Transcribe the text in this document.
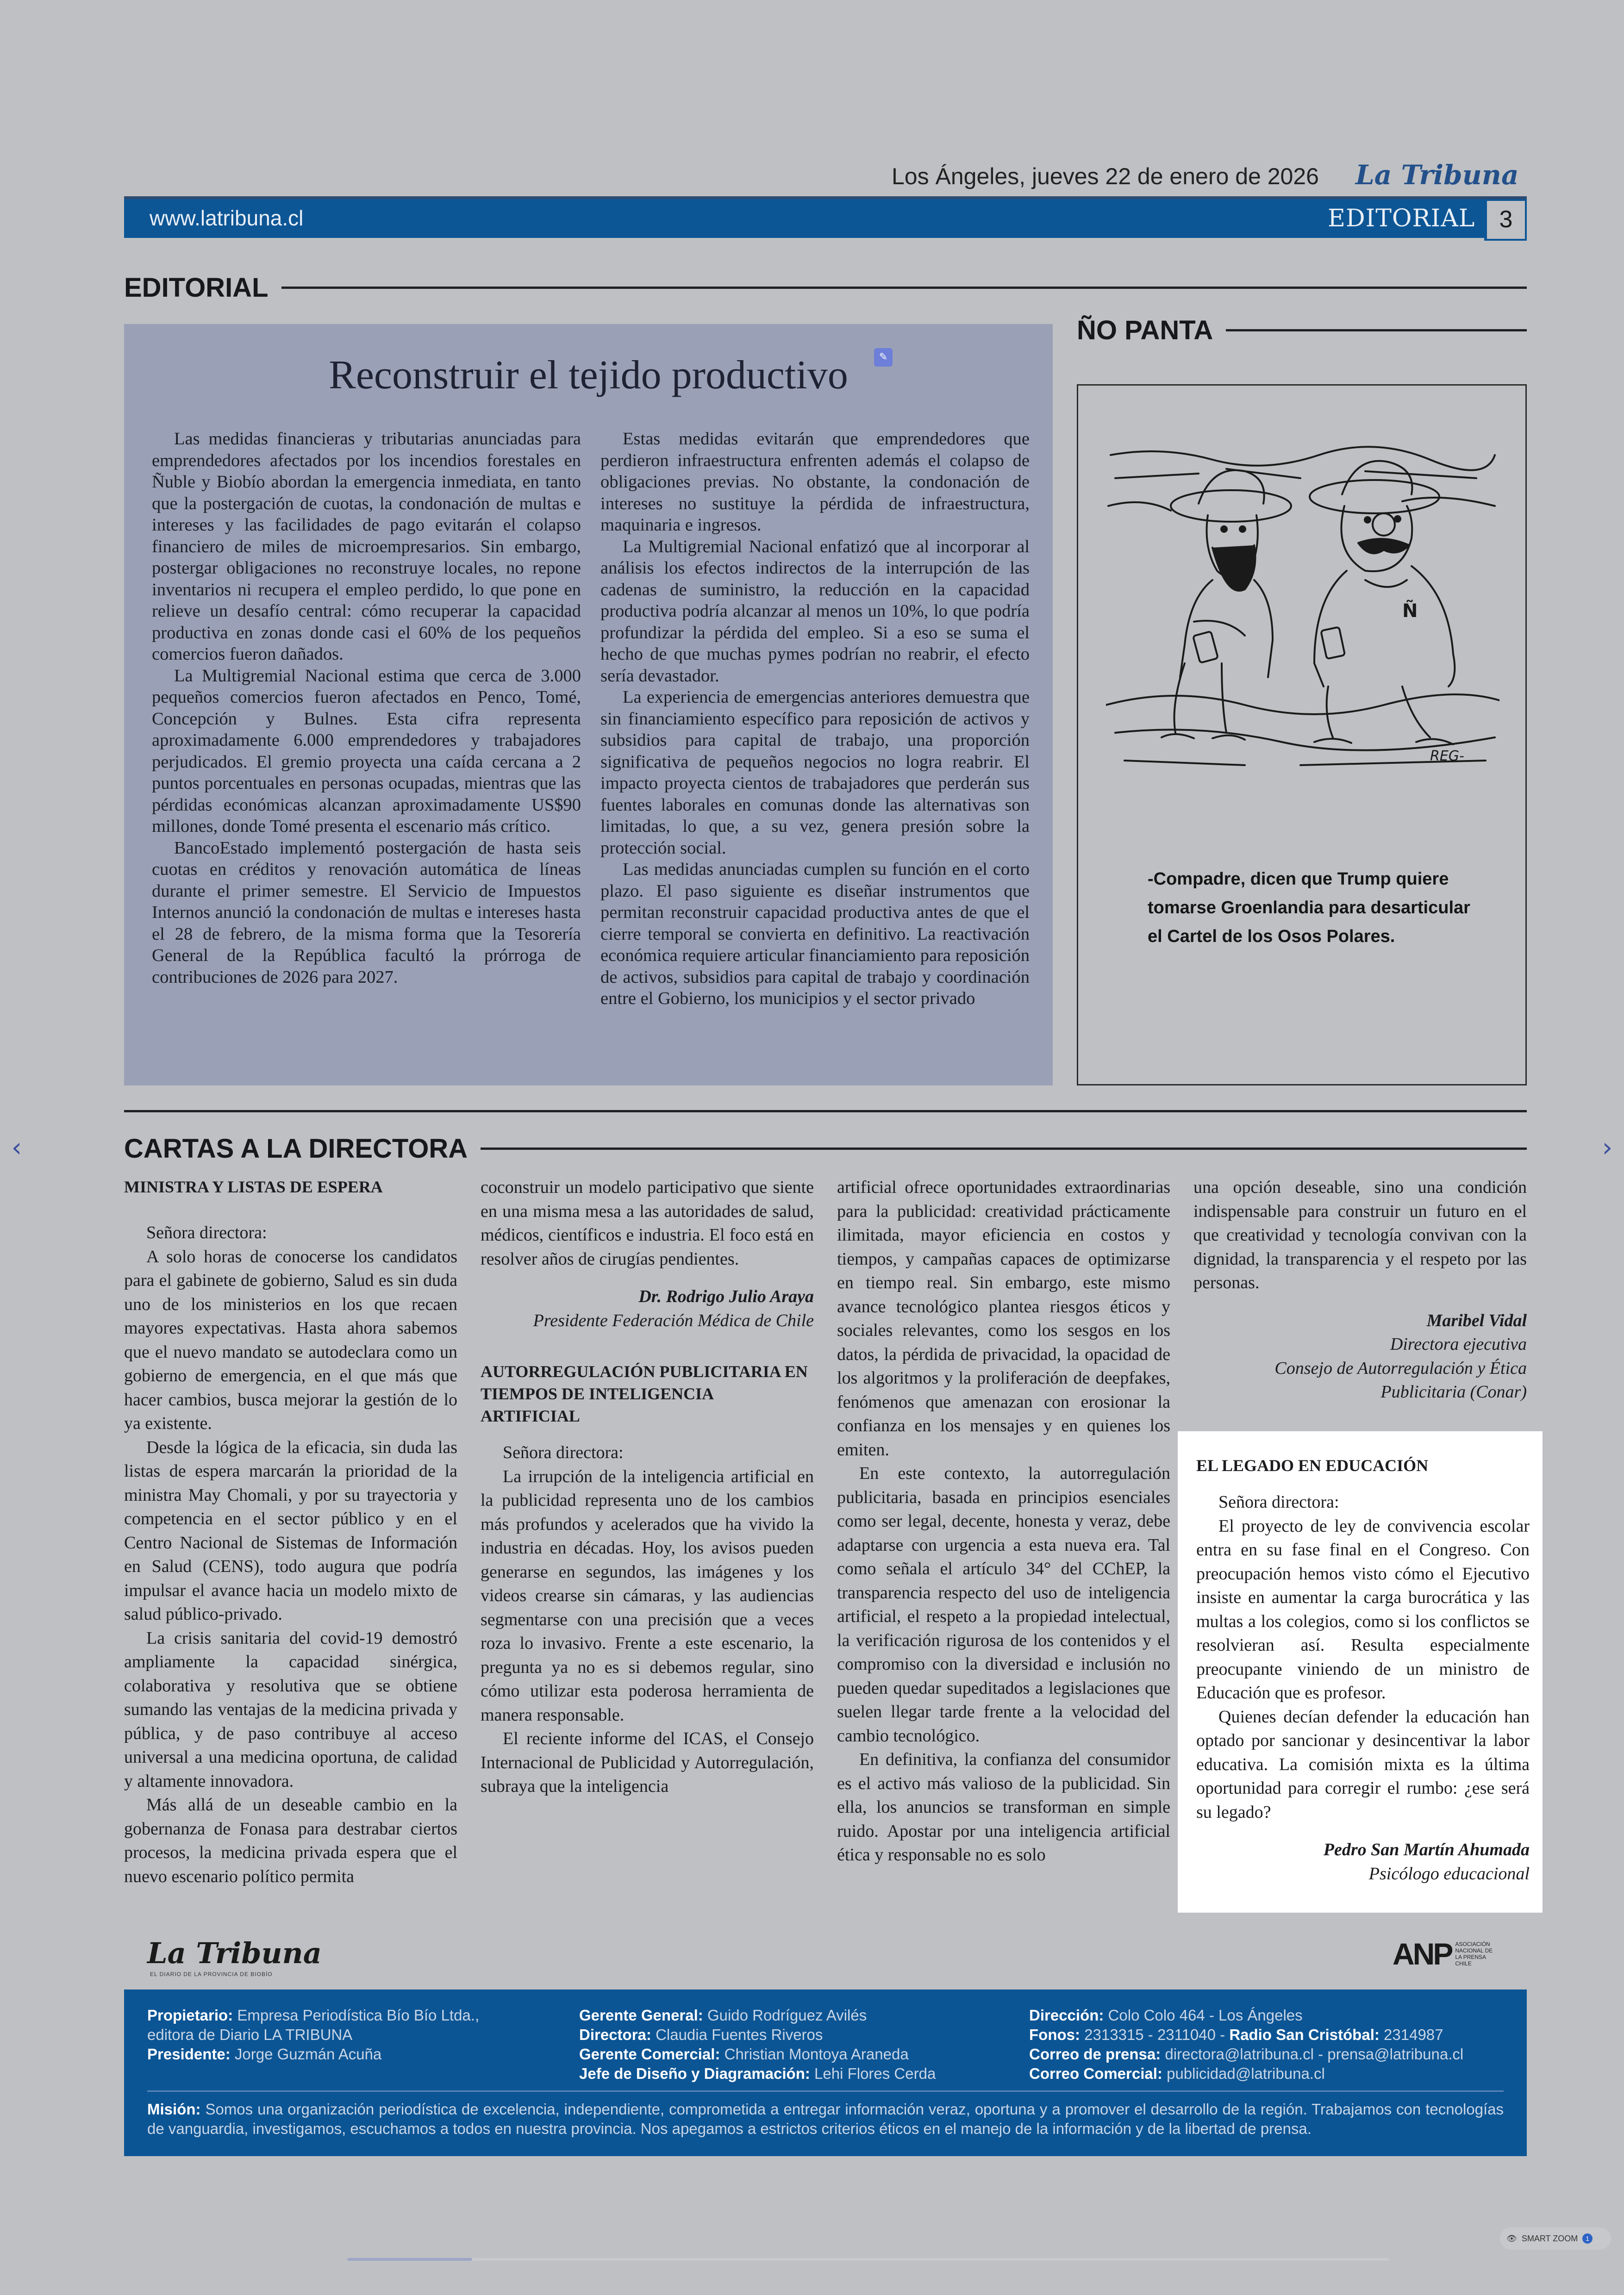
‹	›
Los Ángeles, jueves 22 de enero de 2026 La Tribuna
www.latribuna.cl	EDITORIAL	3
EDITORIAL
Reconstruir el tejido productivo	✎

Las medidas financieras y tributarias anunciadas para emprendedores afectados por los incendios forestales en Ñuble y Biobío abordan la emergencia inmediata, en tanto que la postergación de cuotas, la condonación de multas e intereses y las facilidades de pago evitarán el colapso financiero de miles de microempresarios. Sin embargo, postergar obligaciones no reconstruye locales, no repone inventarios ni recupera el empleo perdido, lo que pone en relieve un desafío central: cómo recuperar la capacidad productiva en zonas donde casi el 60% de los pequeños comercios fueron dañados.

La Multigremial Nacional estima que cerca de 3.000 pequeños comercios fueron afectados en Penco, Tomé, Concepción y Bulnes. Esta cifra representa aproximadamente 6.000 emprendedores y trabajadores perjudicados. El gremio proyecta una caída cercana a 2 puntos porcentuales en personas ocupadas, mientras que las pérdidas económicas alcanzan aproximadamente US$90 millones, donde Tomé presenta el escenario más crítico.

BancoEstado implementó postergación de hasta seis cuotas en créditos y renovación automática de líneas durante el primer semestre. El Servicio de Impuestos Internos anunció la condonación de multas e intereses hasta el 28 de febrero, de la misma forma que la Tesorería General de la República facultó la prórroga de contribuciones de 2026 para 2027.

Estas medidas evitarán que emprendedores que perdieron infraestructura enfrenten además el colapso de obligaciones previas. No obstante, la condonación de intereses no sustituye la pérdida de infraestructura, maquinaria e ingresos.

La Multigremial Nacional enfatizó que al incorporar al análisis los efectos indirectos de la interrupción de las cadenas de suministro, la reducción en la capacidad productiva podría alcanzar al menos un 10%, lo que podría profundizar la pérdida del empleo. Si a eso se suma el hecho de que muchas pymes podrían no reabrir, el efecto sería devastador.

La experiencia de emergencias anteriores demuestra que sin financiamiento específico para reposición de activos y subsidios para capital de trabajo, una proporción significativa de pequeños negocios no logra reabrir. El impacto proyecta cientos de trabajadores que perderán sus fuentes laborales en comunas donde las alternativas son limitadas, lo que, a su vez, genera presión sobre la protección social.

Las medidas anunciadas cumplen su función en el corto plazo. El paso siguiente es diseñar instrumentos que permitan reconstruir capacidad productiva antes de que el cierre temporal se convierta en definitivo. La reactivación económica requiere articular financiamiento para reposición de activos, subsidios para capital de trabajo y coordinación entre el Gobierno, los municipios y el sector privado

ÑO PANTA
Ñ
REG-
-Compadre, dicen que Trump quiere tomarse Groenlandia para desarticular el Cartel de los Osos Polares.
CARTAS A LA DIRECTORA

MINISTRA Y LISTAS DE ESPERA

Señora directora:

A solo horas de conocerse los candidatos para el gabinete de gobierno, Salud es sin duda uno de los ministerios en los que recaen mayores expectativas. Hasta ahora sabemos que el nuevo mandato se autodeclara como un gobierno de emergencia, en el que más que hacer cambios, busca mejorar la gestión de lo ya existente.

Desde la lógica de la eficacia, sin duda las listas de espera marcarán la prioridad de la ministra May Chomali, y por su trayectoria y competencia en el sector público y en el Centro Nacional de Sistemas de Información en Salud (CENS), todo augura que podría impulsar el avance hacia un modelo mixto de salud público-privado.

La crisis sanitaria del covid-19 demostró ampliamente la capacidad sinérgica, colaborativa y resolutiva que se obtiene sumando las ventajas de la medicina privada y pública, y de paso contribuye al acceso universal a una medicina oportuna, de calidad y altamente innovadora.

Más allá de un deseable cambio en la gobernanza de Fonasa para destrabar ciertos procesos, la medicina privada espera que el nuevo escenario político permita

coconstruir un modelo participativo que siente en una misma mesa a las autoridades de salud, médicos, científicos e industria. El foco está en resolver años de cirugías pendientes.

Dr. Rodrigo Julio Araya

Presidente Federación Médica de Chile

AUTORREGULACIÓN PUBLICITARIA EN TIEMPOS DE INTELIGENCIA ARTIFICIAL

Señora directora:

La irrupción de la inteligencia artificial en la publicidad representa uno de los cambios más profundos y acelerados que ha vivido la industria en décadas. Hoy, los avisos pueden generarse en segundos, las imágenes y los videos crearse sin cámaras, y las audiencias segmentarse con una precisión que a veces roza lo invasivo. Frente a este escenario, la pregunta ya no es si debemos regular, sino cómo utilizar esta poderosa herramienta de manera responsable.

El reciente informe del ICAS, el Consejo Internacional de Publicidad y Autorregulación, subraya que la inteligencia

artificial ofrece oportunidades extraordinarias para la publicidad: creatividad prácticamente ilimitada, mayor eficiencia en costos y tiempos, y campañas capaces de optimizarse en tiempo real. Sin embargo, este mismo avance tecnológico plantea riesgos éticos y sociales relevantes, como los sesgos en los datos, la pérdida de privacidad, la opacidad de los algoritmos y la proliferación de deepfakes, fenómenos que amenazan con erosionar la confianza en los mensajes y en quienes los emiten.

En este contexto, la autorregulación publicitaria, basada en principios esenciales como ser legal, decente, honesta y veraz, debe adaptarse con urgencia a esta nueva era. Tal como señala el artículo 34° del CChEP, la transparencia respecto del uso de inteligencia artificial, el respeto a la propiedad intelectual, la verificación rigurosa de los contenidos y el compromiso con la diversidad e inclusión no pueden quedar supeditados a legislaciones que suelen llegar tarde frente a la velocidad del cambio tecnológico.

En definitiva, la confianza del consumidor es el activo más valioso de la publicidad. Sin ella, los anuncios se transforman en simple ruido. Apostar por una inteligencia artificial ética y responsable no es solo

una opción deseable, sino una condición indispensable para construir un futuro en el que creatividad y tecnología convivan con la dignidad, la transparencia y el respeto por las personas.

Maribel Vidal

Directora ejecutiva

Consejo de Autorregulación y Ética Publicitaria (Conar)

EL LEGADO EN EDUCACIÓN

Señora directora:

El proyecto de ley de convivencia escolar entra en su fase final en el Congreso. Con preocupación hemos visto cómo el Ejecutivo insiste en aumentar la carga burocrática y las multas a los colegios, como si los conflictos se resolvieran así. Resulta especialmente preocupante viniendo de un ministro de Educación que es profesor.

Quienes decían defender la educación han optado por sancionar y desincentivar la labor educativa. La comisión mixta es la última oportunidad para corregir el rumbo: ¿ese será su legado?

Pedro San Martín Ahumada

Psicólogo educacional

La Tribuna
EL DIARIO DE LA PROVINCIA DE BIOBÍO
ANP ASOCIACIÓN NACIONAL DE LA PRENSA CHILE
Propietario: Empresa Periodística Bío Bío Ltda.,
editora de Diario LA TRIBUNA
Presidente: Jorge Guzmán Acuña
Gerente General: Guido Rodríguez Avilés
Directora: Claudia Fuentes Riveros
Gerente Comercial: Christian Montoya Araneda
Jefe de Diseño y Diagramación: Lehi Flores Cerda
Dirección: Colo Colo 464 - Los Ángeles
Fonos: 2313315 - 2311040 - Radio San Cristóbal: 2314987
Correo de prensa: directora@latribuna.cl - prensa@latribuna.cl
Correo Comercial: publicidad@latribuna.cl
Misión: Somos una organización periodística de excelencia, independiente, comprometida a entregar información veraz, oportuna y a promover el desarrollo de la región. Trabajamos con tecnologías de vanguardia, investigamos, escuchamos a todos en nuestra provincia. Nos apegamos a estrictos criterios éticos en el manejo de la información y de la libertad de prensa.
👁 SMART ZOOM	1
